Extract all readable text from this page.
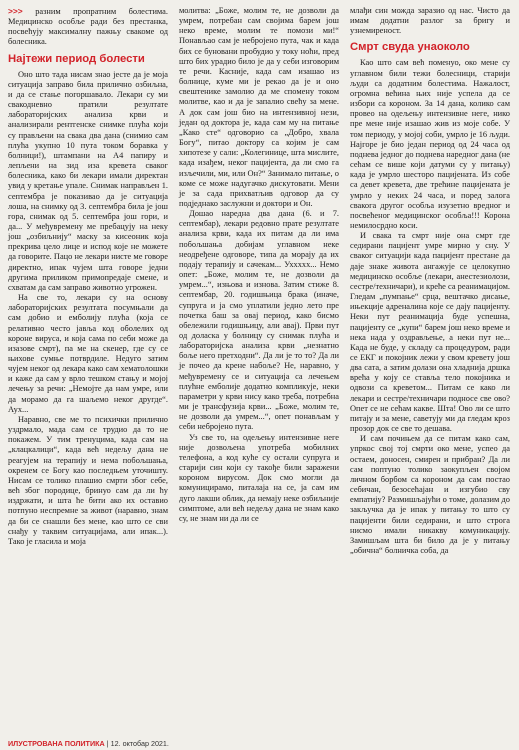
>>> разним пропратним болестима. Медицинско особље ради без престанка, посвећују максималну пажњу свакоме од болесника.

Најтежи период болести

Оно што тада нисам знао јесте да је моја ситуација заправо била прилично озбиљна, и да се стање погоршавало. Лекари су ми свакодневно пратили резултате лабораторијских анализа крви и анализирали рентгенске снимке плућа који су прављени на свака два дана (снимио сам плућа укупно 10 пута током боравка у болници!), штампани на А4 папиру и лепљени на зид иза кревета сваког болесника, како би лекари имали директан увид у кретање упале. Снимак направљен 1. септембра је показивао да је ситуација лоша, на снимку од 3. септембра била је још гора, снимак од 5. септембра још гори, и да... У међувремену ме пребацују на неку још „озбиљнију“ маску за кисеоник која прекрива цело лице и испод које не можете да говорите. Пацо не лекари нисте ме говоре директно, ипак чујем шта говоре једни другима приликом примопредаје смене, и схватам да сам заправо животно угрожен.

На све то, лекари су на основу лабораторијских резултата посумњали да сам добио и емболију плућа (која се релативно често јавља код оболелих од короне вируса, и која сама по себи може да изазове смрт), па ме на скенер, где су се њихове сумње потврдиле. Недуго затим чујем неког од лекара како сам хематолошки и каже да сам у врло тешком стању и мојој лечењу за речи: „Немојте да нам умре, или да морамо да га шаљемо неког другде“. Аух...

Наравно, све ме то психички прилично уздрмало, мада сам се трудио да то не покажем. У тим тренуцима, када сам на „клацкалици“, када већ недељу дана не реагујем на терапију и нема побољшања, окренем се Богу као последњем уточишту. Нисам се толико плашио смрти због себе, већ због породице, бринуо сам да ли ћу издржати, и шта ће бити ако их оставио потпуно неспремне за живот (наравно, знам да би се снашли без мене, као што се сви снађу у таквим ситуацијама, али ипак...). Тако је гласила и моја

молитва: „Боже, молим те, не дозволи да умрем, потребан сам својима барем још неко време, молим те помози ми!“ Понављао сам је небројено пута, чак и када бих се буновани пробудио у току ноћи, пред што бих урадио било је да у себи изговорим те речи. Касније, када сам изашао из болнице, куме ми је рекао да је и оно свештенике замолио да ме спомену током молитве, као и да је запалио свећу за мене. А док сам још био на интензивној нези, један од доктора је, када сам му на питање „Како сте“ одговорио са „Добро, хвала Богу“, питао доктору са којим је сам хипотезе у сали: „Колегинице, шта мислите, када изађем, неког пацијента, да ли смо га изљечили, ми, или Он?“ Занимало питање, о коме се може надугачко дискутовати. Мени је за сада прихватљив одговор да су подједнако заслужни и доктори и Он.

Дошао наредна два дана (6. и 7. септембар), лекари редовно прате резултате анализа крви, када их питам да ли има побољшања добијам углавном неке неодређене одговоре, типа да морају да их подају терапију и сачекам... Уххххх... Немо опет: „Боже, молим те, не дозволи да умрем...“, изњова и изнова. Затим стиже 8. септембар, 20. годишњица брака (иначе, супруга и ја смо уплатили једно лето пре почетка баш за овај период, како бисмо обележили годишњицу, али авај). Први пут од доласка у болницу су снимак плућа и лабораторијска анализа крви „незнатно боље него претходни“. Да ли је то то? Да ли је почео да крене набоље? Не, наравно, у међувремену се и ситуација са лечењем плућне емболије додатно компликује, неки параметри у крви нису како треба, потребна ми је трансфузија крви... „Боже, молим те, не дозволи да умрем...“, опет понављам у себи небројено пута.

Уз све то, на одељењу интензивне неге није дозвољена употреба мобилних телефона, а код куће су остали супруга и старији син који су такође били заражени короном вирусом. Док смо могли да комуницирамо, питалаја на се, ја сам им дуго лакши облик, да немају неке озбиљније симптоме, али већ недељу дана не знам како су, не знам ни да ли се

млађи син можда заразио од нас. Чисто да имам додатни разлог за бригу и узнемиреност.

Смрт свуда унаоколо

Као што сам већ поменуо, око мене су углавном били тежи болесници, старији људи са додатним болестима. Нажалост, огромна већина њих није успела да се избори са короном. За 14 дана, колико сам провео на одељењу интензивне неге, нико пре мене није изашао жив из моје собе. У том периоду, у мојој соби, умрло је 16 људи. Најгоре је био један период од 24 часа од подневa једног до подневa наредног дана (не сећам се више који датуми су у питању) када је умрло шестoро пацијената. Из собе са девет кревета, две трећине пацијената је умрло у нeких 24 часа, и поред залога свакога другог особља изузетно вредног и посвећеног медицинског особља!!! Корона немилосрдно коси.

И свака та смрт није она смрт где седирани пацијент умре мирно у сну. У сваког ситуацији када пацијент престане да даје знаке живота ангажује се целокупно медицинско особље (лекари, анестезиолози, сестре/техничари), и креће са реанимацијом. Гледам „пумпање“ срца, вештачко дисање, ињекције адреналина које се дају пацијенту. Неки пут реанимација буде успешна, пацијенту се „купи“ барем још неко време и нека нада у оздрављење, а неки пут не... Када не буде, у складу са процедуром, ради се ЕКГ и покојник лежи у свом кревету још два сата, а затим долази она хладнија дршка врећа у коју се ставља тело покојника и одвози са креветом... Питам се како ли лекари и сестре/техничари подносе све ово? Опет се не сећам какве. Шта! Ово ли се што питају и за мене, саветују ми да гледам кроз прозор док се све то дешава.

И сам почињем да се питам како сам, упркос свој тој смрти око мене, успео да остаем, доносен, смирен и прибран? Да ли сам поптуно толико заокупљен својом личном борбом са короном да сам постао себичан, безосећајан и изгубио сву емпатију? Размишљајући о томе, долазим до закључка да је ипак у питању то што су пацијенти били седирани, и што строга нисмо имали никакву комуникацију. Замишљам шта би било да је у питању „обична“ болничка соба, да

ИЛУСТРОВАНА ПОЛИТИКА | 12. октобар 2021.
